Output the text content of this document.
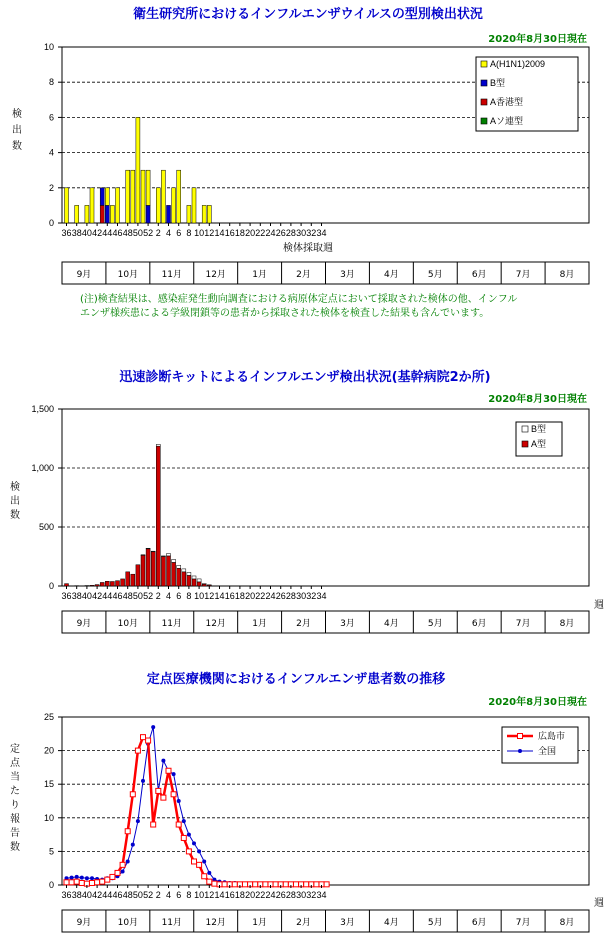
衛生研究所におけるインフルエンザウイルスの型別検出状況
2020年8月30日現在
0
2
4
6
8
10
36 38 40 42 44 46 48 50 52 2 4 6 8 10 12 14 16 18 20 22 24 26 28 30 32 34
検出数
検体採取週
A(H1N1)2009
B型
A香港型
Aソ連型
9月	10月	11月	12月	1月	2月	3月	4月	5月	6月	7月	8月
(注)検査結果は、感染症発生動向調査における病原体定点において採取された検体の他、インフル
エンザ様疾患による学級閉鎖等の患者から採取された検体を検査した結果も含んでいます。
迅速診断キットによるインフルエンザ検出状況(基幹病院2か所)
2020年8月30日現在
0
500
1,000
1,500
36 38 40 42 44 46 48 50 52 2 4 6 8 10 12 14 16 18 20 22 24 26 28 30 32 34
検出数
週
B型
A型
9月	10月	11月	12月	1月	2月	3月	4月	5月	6月	7月	8月
定点医療機関におけるインフルエンザ患者数の推移
2020年8月30日現在
0
5
10
15
20
25
36 38 40 42 44 46 48 50 52 2 4 6 8 10 12 14 16 18 20 22 24 26 28 30 32 34
定点当たり報告数
週
広島市
全国
9月	10月	11月	12月	1月	2月	3月	4月	5月	6月	7月	8月
